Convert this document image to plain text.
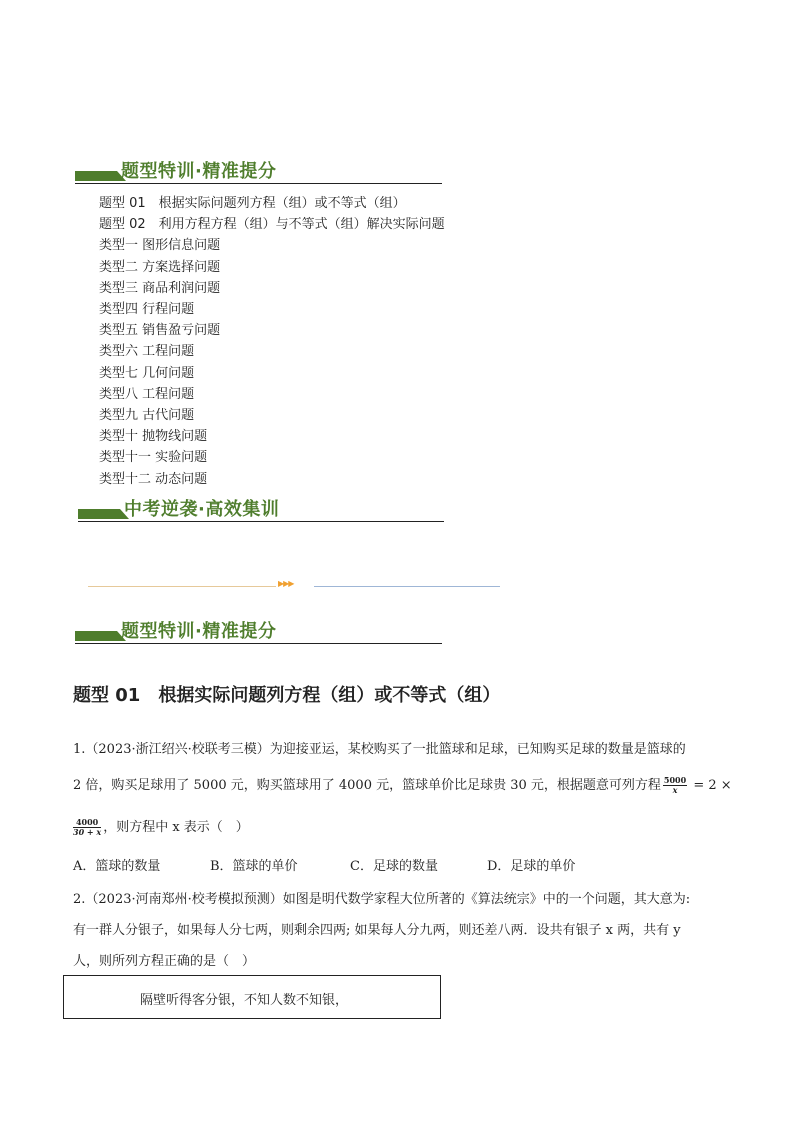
题型特训·精准提分
题型 01　根据实际问题列方程（组）或不等式（组）
题型 02　利用方程方程（组）与不等式（组）解决实际问题
类型一 图形信息问题
类型二 方案选择问题
类型三 商品利润问题
类型四 行程问题
类型五 销售盈亏问题
类型六 工程问题
类型七 几何问题
类型八 工程问题
类型九 古代问题
类型十 抛物线问题
类型十一 实验问题
类型十二 动态问题
中考逆袭·高效集训
▶▶▶
题型特训·精准提分
题型 01　根据实际问题列方程（组）或不等式（组）
1.（2023·浙江绍兴·校联考三模）为迎接亚运，某校购买了一批篮球和足球，已知购买足球的数量是篮球的
2 倍，购买足球用了 5000 元，购买篮球用了 4000 元，篮球单价比足球贵 30 元，根据题意可列方程 $\frac{5000}{x} = 2$ ×
$\frac{4000}{30 + x}$ ，则方程中 x 表示（　）
A．篮球的数量	B．篮球的单价	C．足球的数量	D．足球的单价
2.（2023·河南郑州·校考模拟预测）如图是明代数学家程大位所著的《算法统宗》中的一个问题，其大意为:
有一群人分银子，如果每人分七两，则剩余四两; 如果每人分九两，则还差八两．设共有银子 x 两，共有 y
人，则所列方程正确的是（　）
隔壁听得客分银，不知人数不知银，
